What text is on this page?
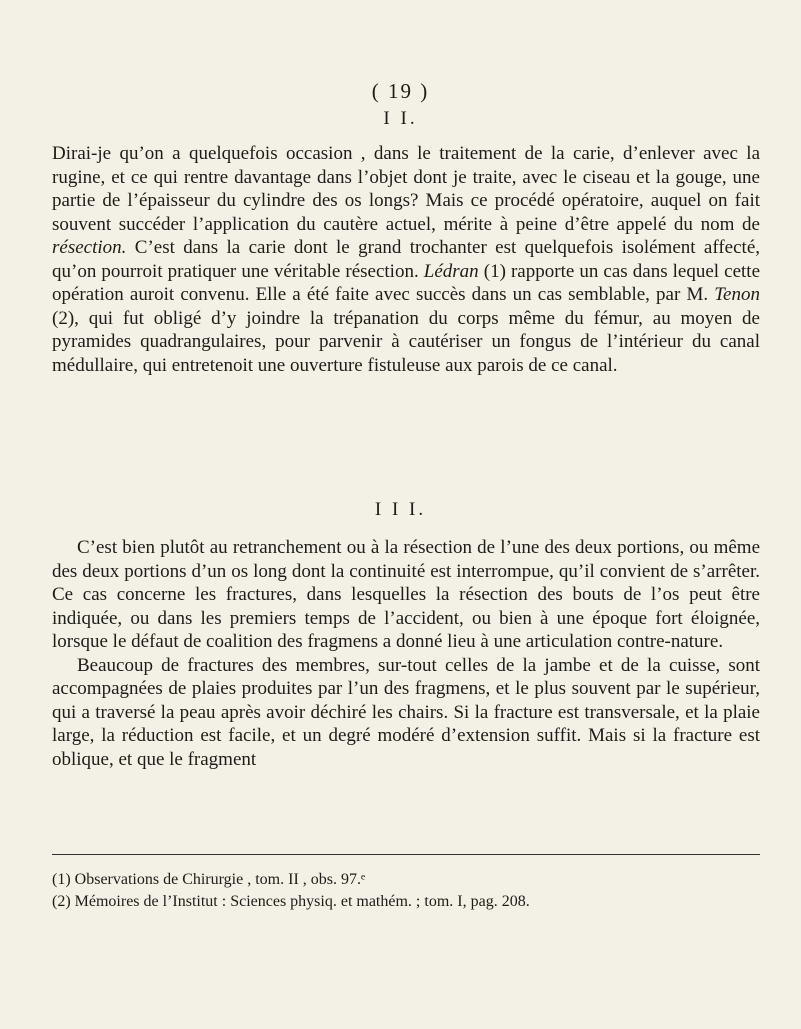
( 19 )
I I.

Dirai-je qu’on a quelquefois occasion , dans le traitement de la carie, d’enlever avec la rugine, et ce qui rentre davantage dans l’objet dont je traite, avec le ciseau et la gouge, une partie de l’épaisseur du cylindre des os longs? Mais ce procédé opératoire, auquel on fait souvent succéder l’application du cautère actuel, mérite à peine d’être appelé du nom de résection. C’est dans la carie dont le grand trochanter est quelquefois isolément affecté, qu’on pourroit pratiquer une véritable résection. Lédran (1) rapporte un cas dans lequel cette opération auroit convenu. Elle a été faite avec succès dans un cas semblable, par M. Tenon (2), qui fut obligé d’y joindre la trépanation du corps même du fémur, au moyen de pyramides quadrangulaires, pour parvenir à cautériser un fongus de l’intérieur du canal médullaire, qui entretenoit une ouverture fistuleuse aux parois de ce canal.

I I I.

C’est bien plutôt au retranchement ou à la résection de l’une des deux portions, ou même des deux portions d’un os long dont la continuité est interrompue, qu’il convient de s’arrêter. Ce cas concerne les fractures, dans lesquelles la résection des bouts de l’os peut être indiquée, ou dans les premiers temps de l’accident, ou bien à une époque fort éloignée, lorsque le défaut de coalition des fragmens a donné lieu à une articulation contre-nature.

Beaucoup de fractures des membres, sur-tout celles de la jambe et de la cuisse, sont accompagnées de plaies produites par l’un des fragmens, et le plus souvent par le supérieur, qui a traversé la peau après avoir déchiré les chairs. Si la fracture est transversale, et la plaie large, la réduction est facile, et un degré modéré d’extension suffit. Mais si la fracture est oblique, et que le fragment

(1) Observations de Chirurgie , tom. II , obs. 97.ᵉ
(2) Mémoires de l’Institut : Sciences physiq. et mathém. ; tom. I, pag. 208.
